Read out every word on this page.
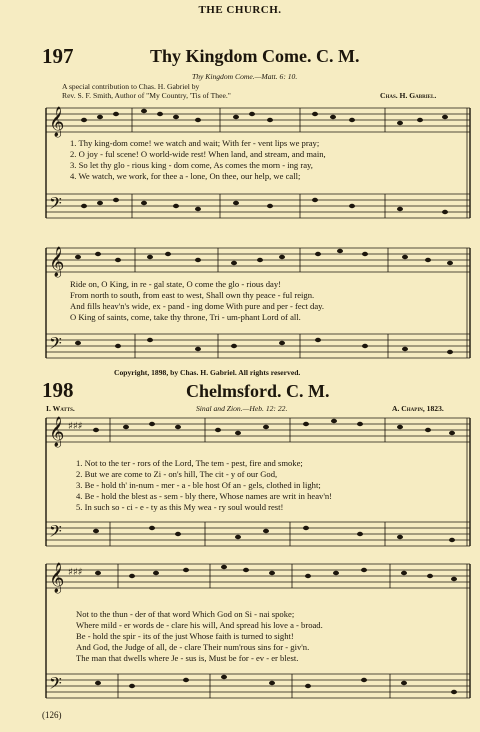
THE CHURCH.
197	Thy Kingdom Come. C. M.
Thy Kingdom Come.—Matt. 6: 10.
A special contribution to Chas. H. Gabriel by
Rev. S. F. Smith, Author of "My Country, 'Tis of Thee."	Chas. H. Gabriel.
𝄞
𝄢
1. Thy king-dom come! we watch and wait; With fer - vent lips we pray;
2. O joy - ful scene! O world-wide rest! When land, and stream, and main,
3. So let thy glo - rious king - dom come, As comes the morn - ing ray,
4. We watch, we work, for thee a - lone, On thee, our help, we call;
𝄞
𝄢
Ride on, O King, in re - gal state, O come the glo - rious day!
From north to south, from east to west, Shall own thy peace - ful reign.
And fills heav'n's wide, ex - pand - ing dome With pure and per - fect day.
O King of saints, come, take thy throne, Tri - um-phant Lord of all.
Copyright, 1898, by Chas. H. Gabriel. All rights reserved.
198	Chelmsford. C. M.
I. Watts.	Sinal and Zion.—Heb. 12: 22.	A. Chapin, 1823.
𝄞
𝄢
♯♯♯
1. Not to the ter - rors of the Lord, The tem - pest, fire and smoke;
2. But we are come to Zi - on's hill, The cit - y of our God,
3. Be - hold th' in-num - mer - a - ble host Of an - gels, clothed in light;
4. Be - hold the blest as - sem - bly there, Whose names are writ in heav'n!
5. In such so - ci - e - ty as this My wea - ry soul would rest!
𝄞
𝄢
♯♯♯
Not to the thun - der of that word Which God on Si - nai spoke;
Where mild - er words de - clare his will, And spread his love a - broad.
Be - hold the spir - its of the just Whose faith is turned to sight!
And God, the Judge of all, de - clare Their num'rous sins for - giv'n.
The man that dwells where Je - sus is, Must be for - ev - er blest.
(126)
